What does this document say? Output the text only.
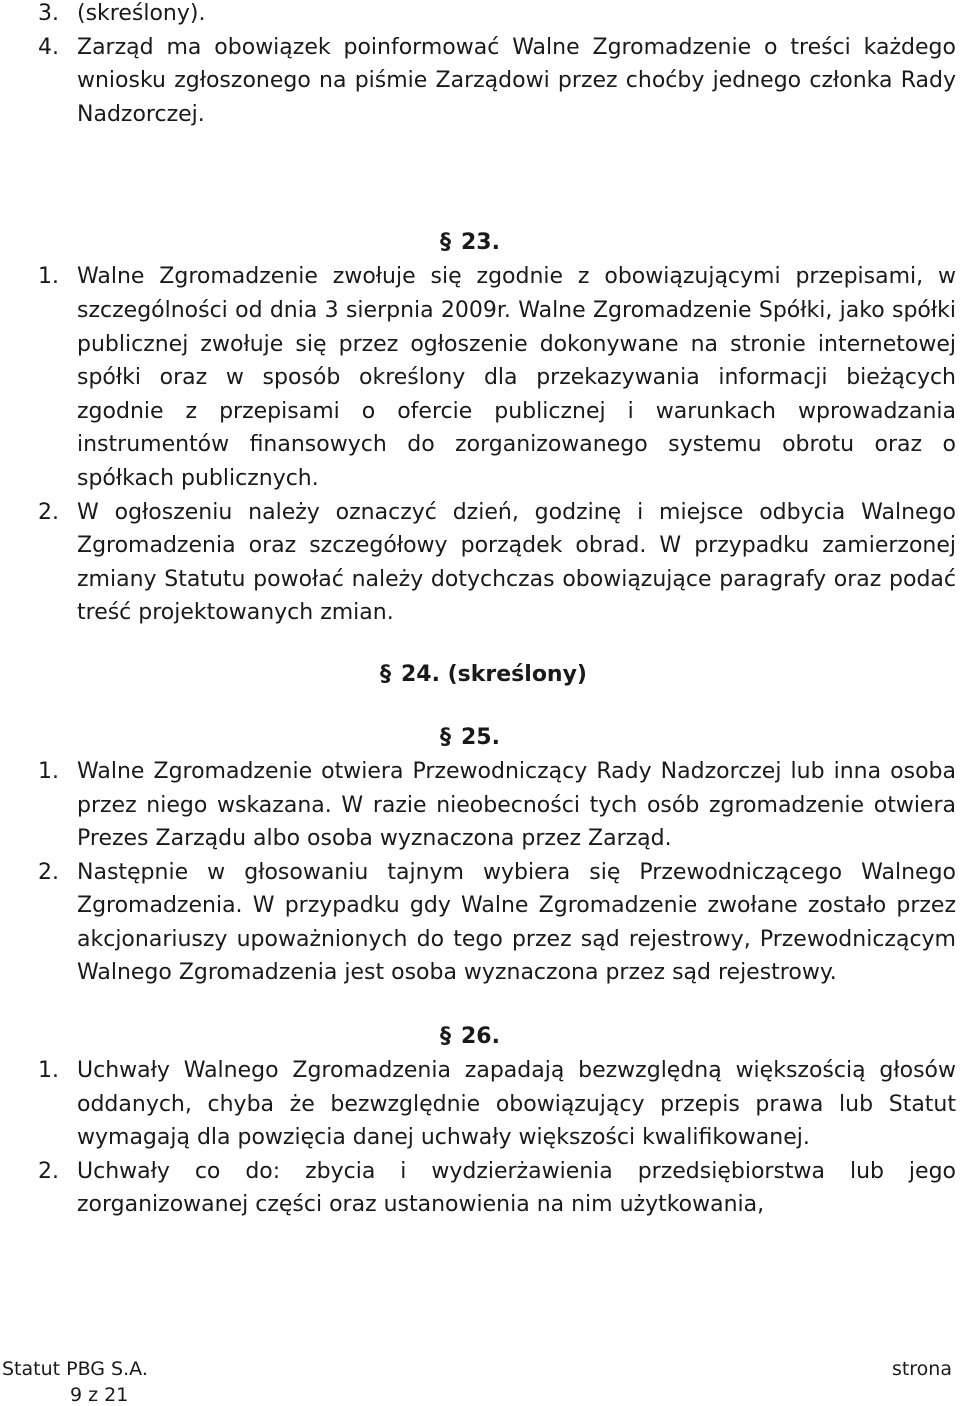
3. (skreślony).

4. Zarząd ma obowiązek poinformować Walne Zgromadzenie o treści każdego wniosku zgłoszonego na piśmie Zarządowi przez choćby jednego członka Rady Nadzorczej.

§ 23.

1. Walne Zgromadzenie zwołuje się zgodnie z obowiązującymi przepisami, w szczególności od dnia 3 sierpnia 2009r. Walne Zgromadzenie Spółki, jako spółki publicznej zwołuje się przez ogłoszenie dokonywane na stronie internetowej spółki oraz w sposób określony dla przekazywania informacji bieżących zgodnie z przepisami o ofercie publicznej i warunkach wprowadzania instrumentów finansowych do zorganizowanego systemu obrotu oraz o spółkach publicznych.

2. W ogłoszeniu należy oznaczyć dzień, godzinę i miejsce odbycia Walnego Zgromadzenia oraz szczegółowy porządek obrad. W przypadku zamierzonej zmiany Statutu powołać należy dotychczas obowiązujące paragrafy oraz podać treść projektowanych zmian.

§ 24. (skreślony)

§ 25.

1. Walne Zgromadzenie otwiera Przewodniczący Rady Nadzorczej lub inna osoba przez niego wskazana. W razie nieobecności tych osób zgromadzenie otwiera Prezes Zarządu albo osoba wyznaczona przez Zarząd.

2. Następnie w głosowaniu tajnym wybiera się Przewodniczącego Walnego Zgromadzenia. W przypadku gdy Walne Zgromadzenie zwołane zostało przez akcjonariuszy upoważnionych do tego przez sąd rejestrowy, Przewodniczącym Walnego Zgromadzenia jest osoba wyznaczona przez sąd rejestrowy.

§ 26.

1. Uchwały Walnego Zgromadzenia zapadają bezwzględną większością głosów oddanych, chyba że bezwzględnie obowiązujący przepis prawa lub Statut wymagają dla powzięcia danej uchwały większości kwalifikowanej.

2. Uchwały co do: zbycia i wydzierżawienia przedsiębiorstwa lub jego zorganizowanej części oraz ustanowienia na nim użytkowania,

Statut PBG S.A.
9 z 21
strona
